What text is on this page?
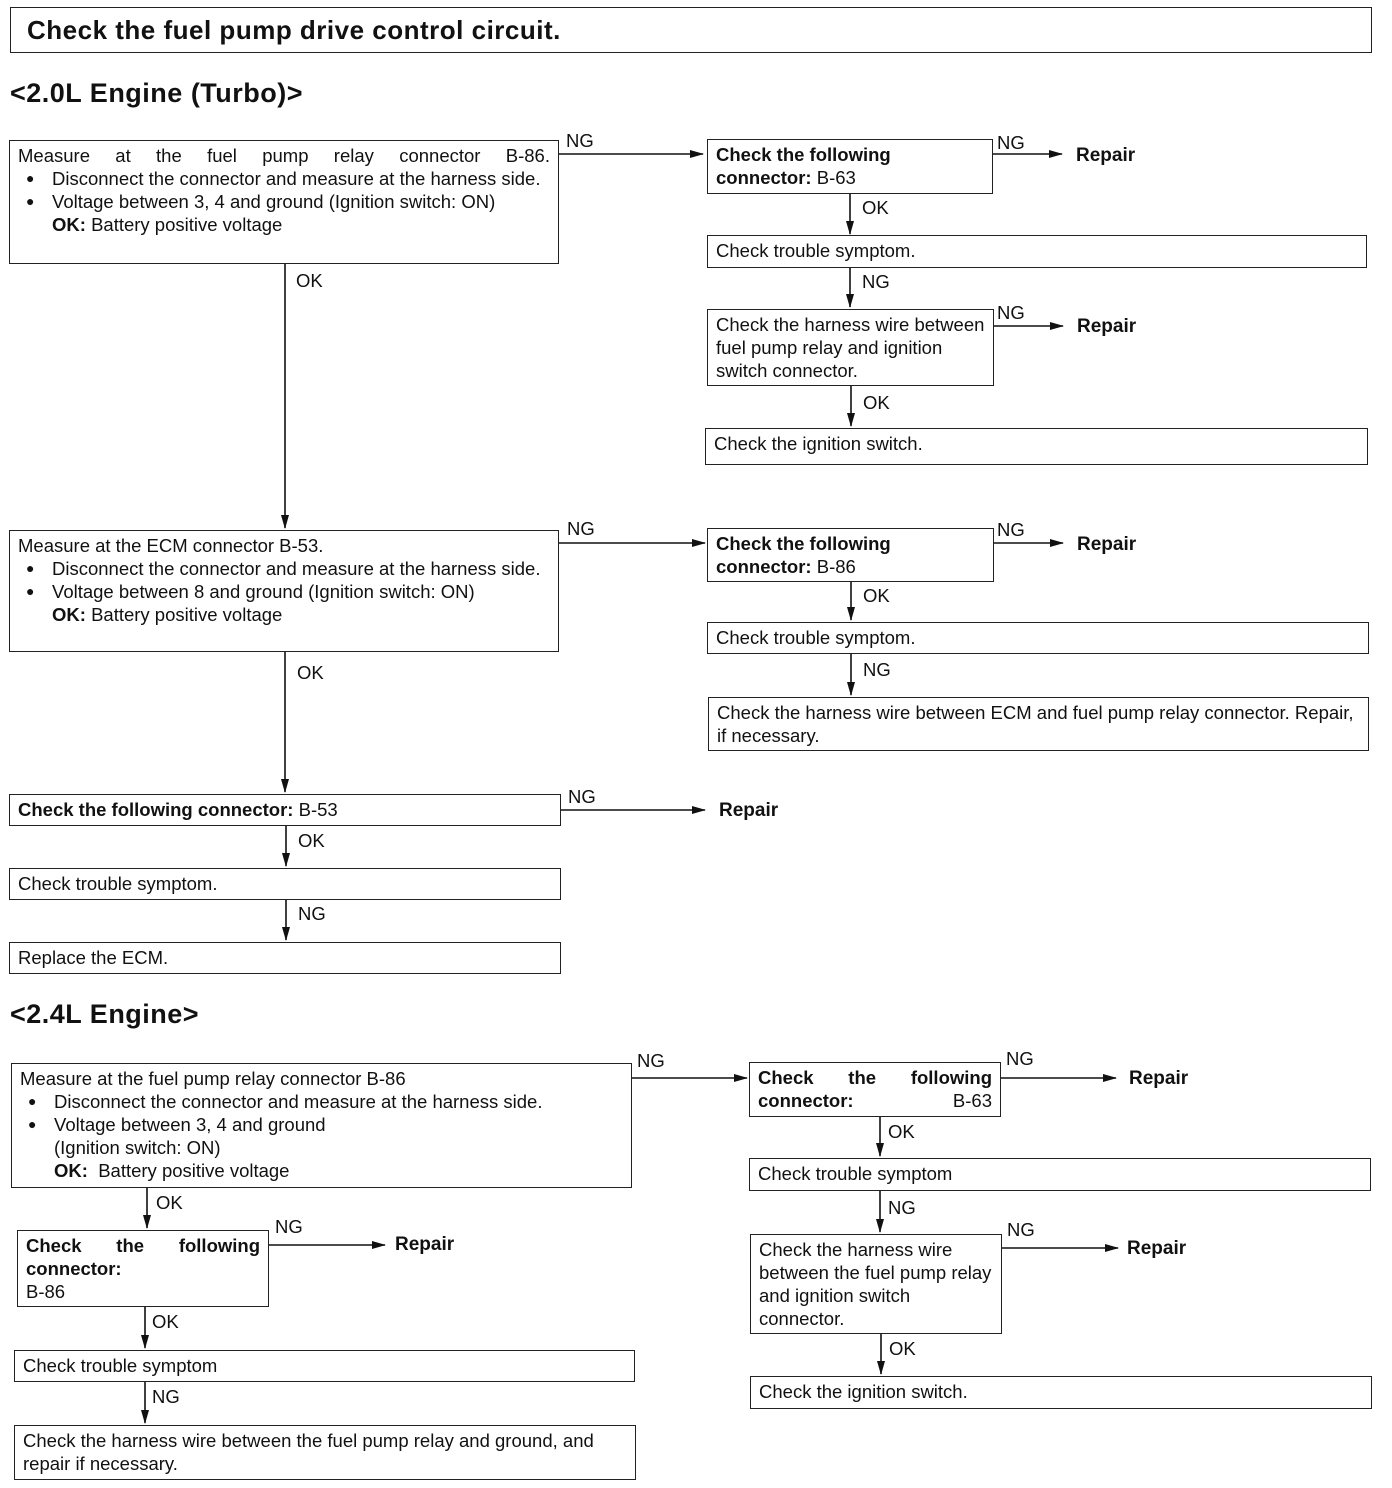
Check the fuel pump drive control circuit.
<2.0L Engine (Turbo)>
Measure at the fuel pump relay connector B-86.
● Disconnect the connector and measure at the harness side.
● Voltage between 3, 4 and ground (Ignition switch: ON)
OK: Battery positive voltage
Check the following connector: B-63
Check trouble symptom.
Check the harness wire between fuel pump relay and ignition switch connector.
Check the ignition switch.
Measure at the ECM connector B-53.
● Disconnect the connector and measure at the harness side.
● Voltage between 8 and ground (Ignition switch: ON)
OK: Battery positive voltage
Check the following connector: B-86
Check trouble symptom.
Check the harness wire between ECM and fuel pump relay connector. Repair, if necessary.
Check the following connector: B-53
Check trouble symptom.
Replace the ECM.
NG	NG
Repair
OK
NG
NG
Repair
OK
OK
NG	NG
Repair
OK
NG
OK
NG
Repair
OK
NG
<2.4L Engine>
Measure at the fuel pump relay connector B-86
● Disconnect the connector and measure at the harness side.
● Voltage between 3, 4 and ground
(Ignition switch: ON)
OK: Battery positive voltage
Check the following connector:
B-86
Check trouble symptom
Check the harness wire between the fuel pump relay and ground, and repair if necessary.
Check the following connector:	B-63
Check trouble symptom
Check the harness wire between the fuel pump relay and ignition switch connector.
Check the ignition switch.
NG	NG
Repair
OK
NG
Repair
OK
NG
OK
NG
NG
Repair
OK
